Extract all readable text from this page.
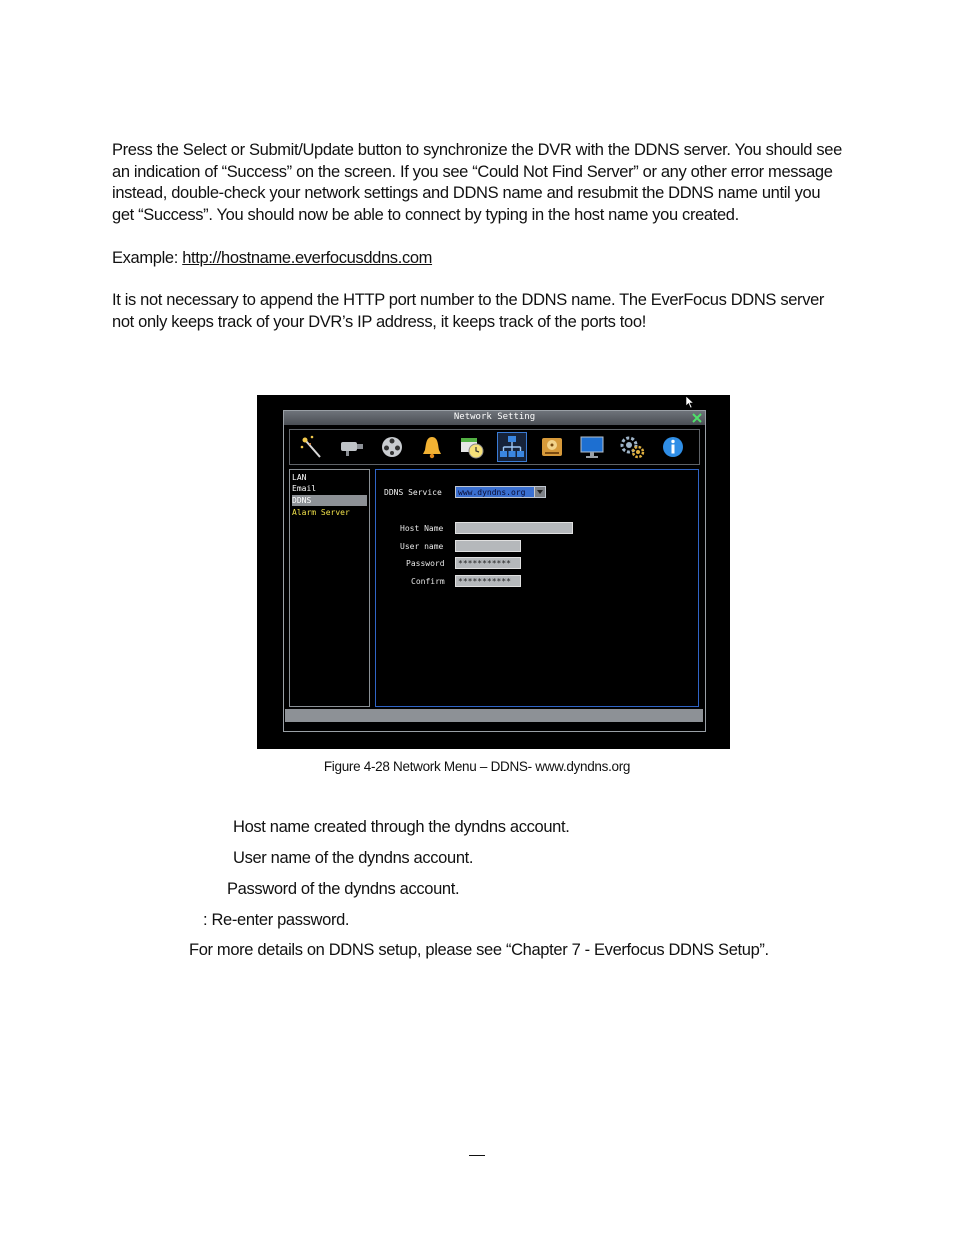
Press the Select or Submit/Update button to synchronize the DVR with the DDNS server. You should see an indication of “Success” on the screen. If you see “Could Not Find Server” or any other error message instead, double-check your network settings and DDNS name and resubmit the DDNS name until you get “Success”. You should now be able to connect by typing in the host name you created.

Example: http://hostname.everfocusddns.com

It is not necessary to append the HTTP port number to the DDNS name. The EverFocus DDNS server not only keeps track of your DVR’s IP address, it keeps track of the ports too!

Network Setting
LAN
Email
DDNS
Alarm Server
DDNS Service	www.dyndns.org
Host Name
User name
Password	***********
Confirm	***********
Figure 4-28 Network Menu – DDNS- www.dyndns.org
Host name created through the dyndns account.
User name of the dyndns account.
Password of the dyndns account.
: Re-enter password.
For more details on DDNS setup, please see “Chapter 7 - Everfocus DDNS Setup”.
